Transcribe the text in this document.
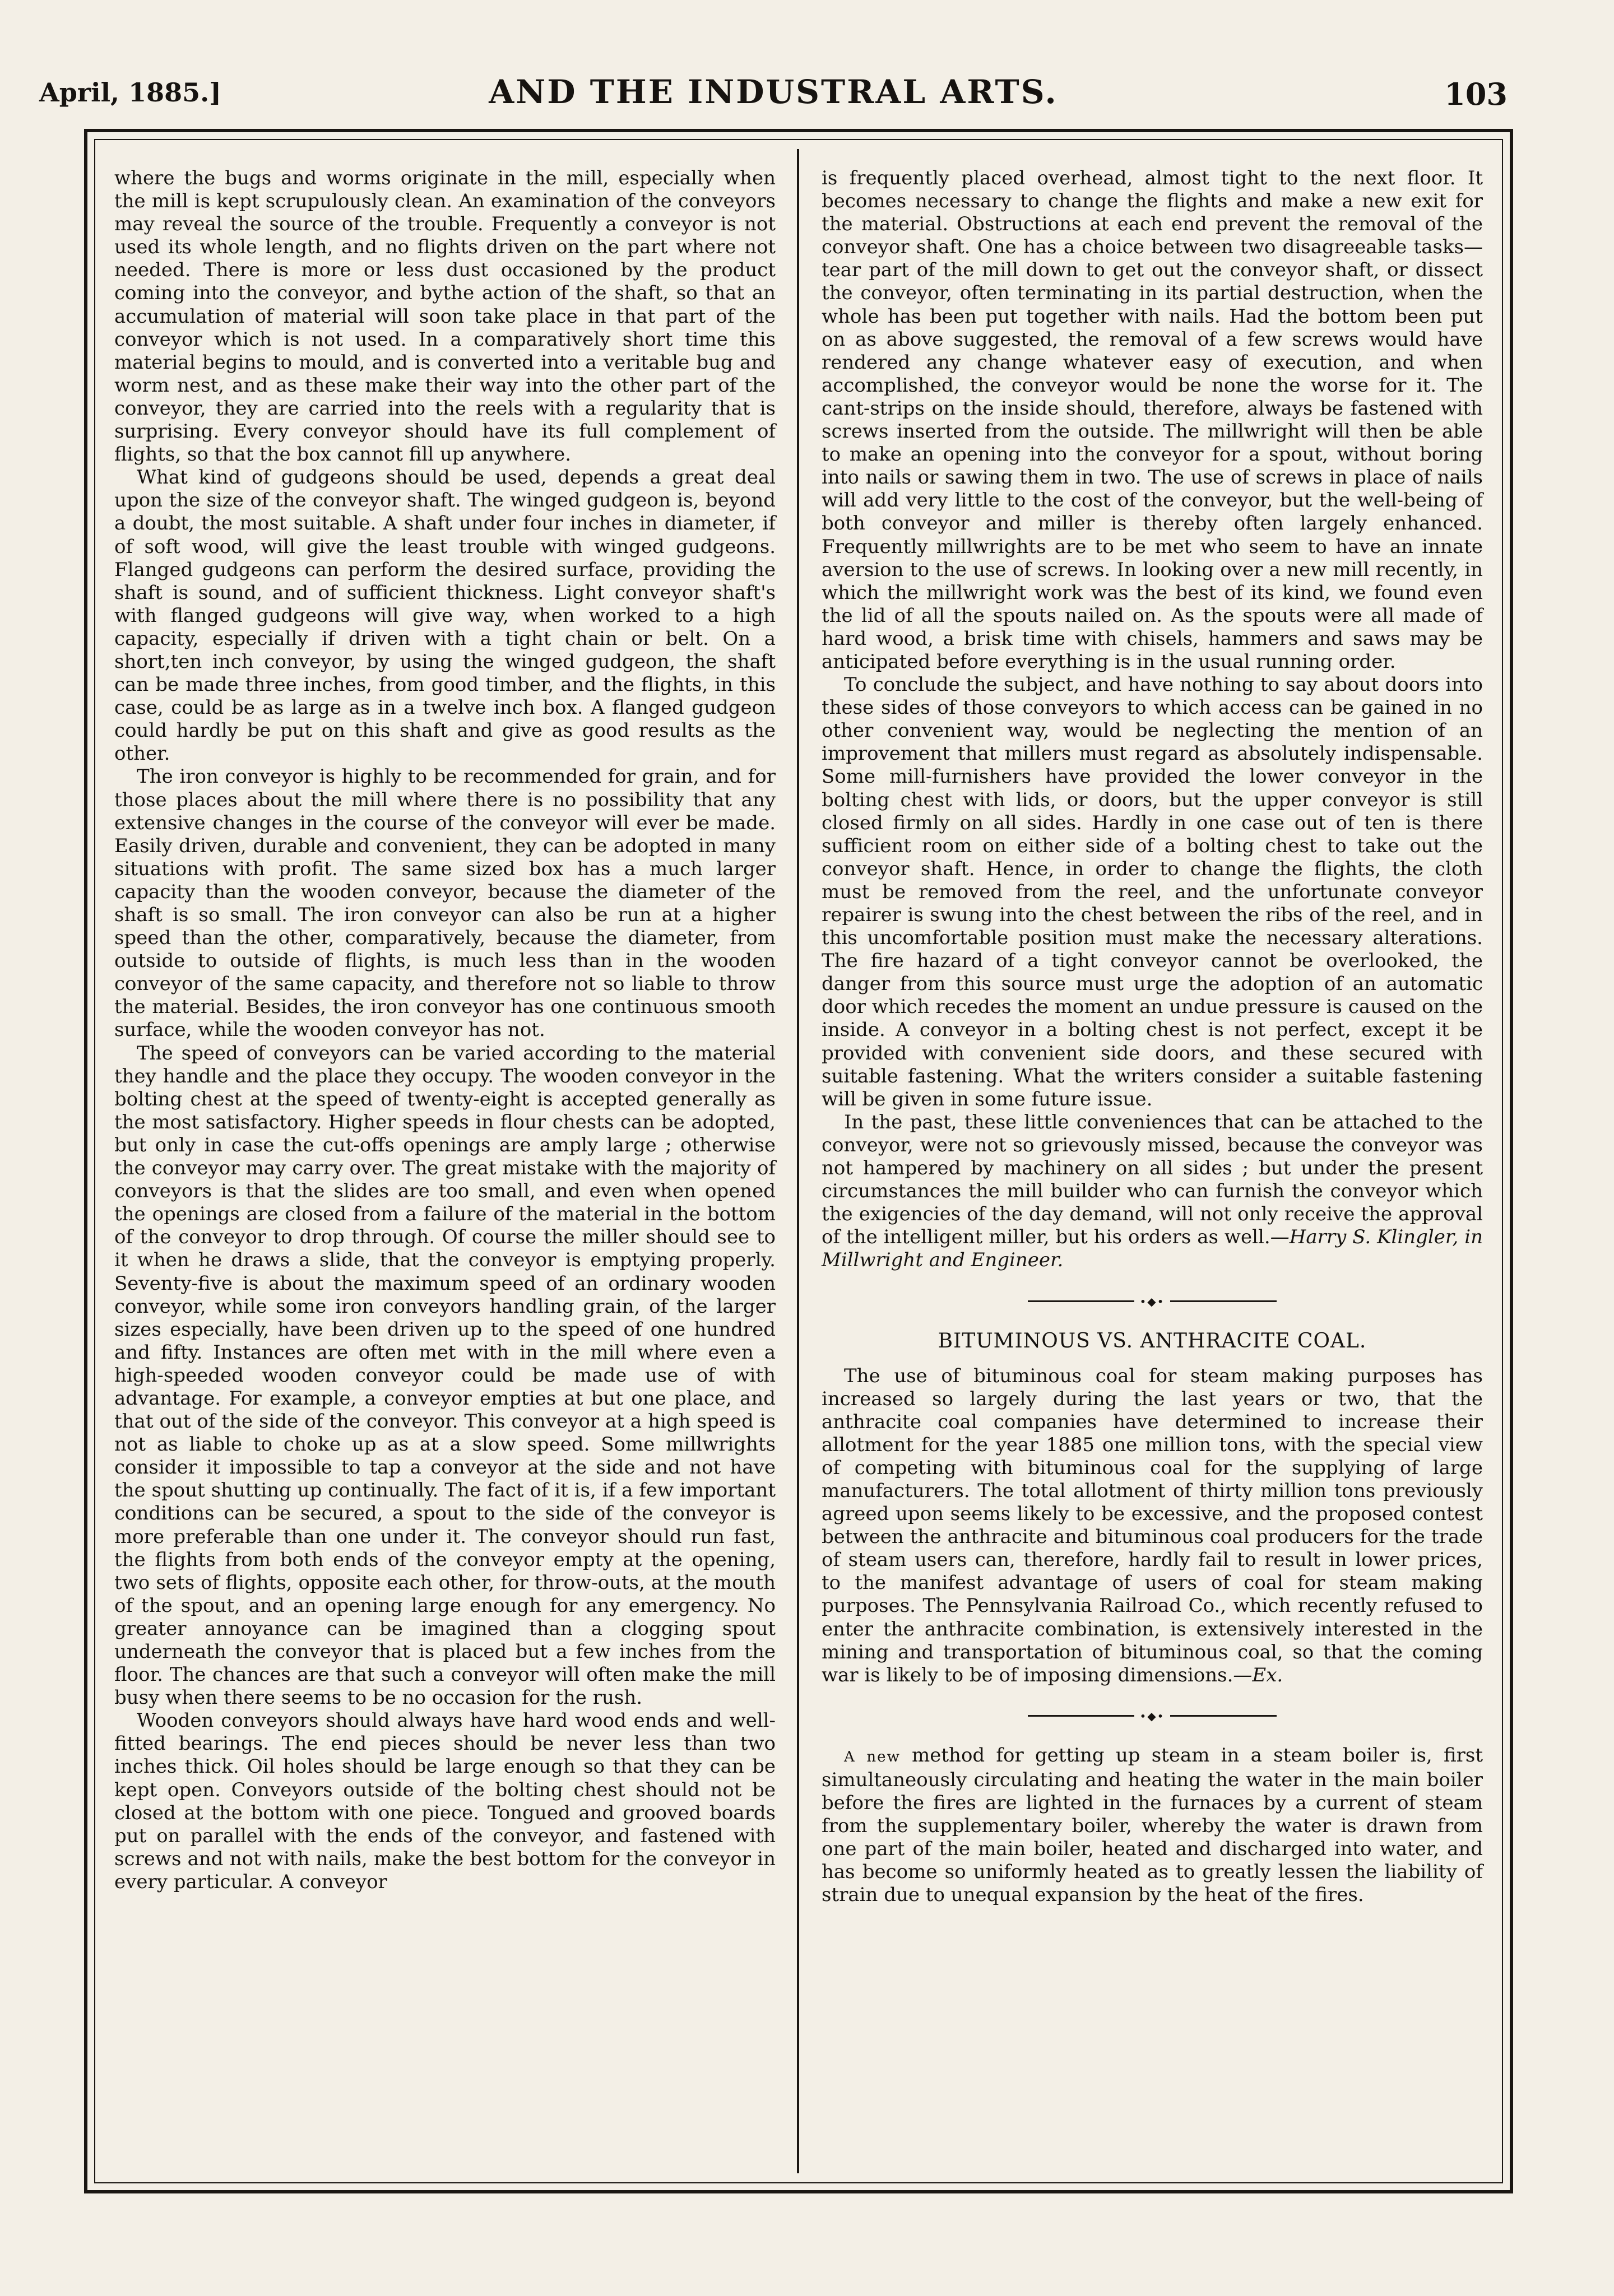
April, 1885.]	AND THE INDUSTRAL ARTS.	103

where the bugs and worms originate in the mill, especially when the mill is kept scrupulously clean. An examination of the conveyors may reveal the source of the trouble. Frequently a conveyor is not used its whole length, and no flights driven on the part where not needed. There is more or less dust occasioned by the product coming into the conveyor, and bythe action of the shaft, so that an accumulation of material will soon take place in that part of the conveyor which is not used. In a comparatively short time this material begins to mould, and is converted into a veritable bug and worm nest, and as these make their way into the other part of the conveyor, they are carried into the reels with a regularity that is surprising. Every conveyor should have its full complement of flights, so that the box cannot fill up anywhere.

What kind of gudgeons should be used, depends a great deal upon the size of the conveyor shaft. The winged gudgeon is, beyond a doubt, the most suitable. A shaft under four inches in diameter, if of soft wood, will give the least trouble with winged gudgeons. Flanged gudgeons can perform the desired surface, providing the shaft is sound, and of sufficient thickness. Light conveyor shaft's with flanged gudgeons will give way, when worked to a high capacity, especially if driven with a tight chain or belt. On a short,ten inch conveyor, by using the winged gudgeon, the shaft can be made three inches, from good timber, and the flights, in this case, could be as large as in a twelve inch box. A flanged gudgeon could hardly be put on this shaft and give as good results as the other.

The iron conveyor is highly to be recommended for grain, and for those places about the mill where there is no possibility that any extensive changes in the course of the conveyor will ever be made. Easily driven, durable and convenient, they can be adopted in many situations with profit. The same sized box has a much larger capacity than the wooden conveyor, because the diameter of the shaft is so small. The iron conveyor can also be run at a higher speed than the other, comparatively, because the diameter, from outside to outside of flights, is much less than in the wooden conveyor of the same capacity, and therefore not so liable to throw the material. Besides, the iron conveyor has one continuous smooth surface, while the wooden conveyor has not.

The speed of conveyors can be varied according to the material they handle and the place they occupy. The wooden conveyor in the bolting chest at the speed of twenty-eight is accepted generally as the most satisfactory. Higher speeds in flour chests can be adopted, but only in case the cut-offs openings are amply large ; otherwise the conveyor may carry over. The great mistake with the majority of conveyors is that the slides are too small, and even when opened the openings are closed from a failure of the material in the bottom of the conveyor to drop through. Of course the miller should see to it when he draws a slide, that the conveyor is emptying properly. Seventy-five is about the maximum speed of an ordinary wooden conveyor, while some iron conveyors handling grain, of the larger sizes especially, have been driven up to the speed of one hundred and fifty. Instances are often met with in the mill where even a high-speeded wooden conveyor could be made use of with advantage. For example, a conveyor empties at but one place, and that out of the side of the conveyor. This conveyor at a high speed is not as liable to choke up as at a slow speed. Some millwrights consider it impossible to tap a conveyor at the side and not have the spout shutting up continually. The fact of it is, if a few important conditions can be secured, a spout to the side of the conveyor is more preferable than one under it. The conveyor should run fast, the flights from both ends of the conveyor empty at the opening, two sets of flights, opposite each other, for throw-outs, at the mouth of the spout, and an opening large enough for any emergency. No greater annoyance can be imagined than a clogging spout underneath the conveyor that is placed but a few inches from the floor. The chances are that such a conveyor will often make the mill busy when there seems to be no occasion for the rush.

Wooden conveyors should always have hard wood ends and well-fitted bearings. The end pieces should be never less than two inches thick. Oil holes should be large enough so that they can be kept open. Conveyors outside of the bolting chest should not be closed at the bottom with one piece. Tongued and grooved boards put on parallel with the ends of the conveyor, and fastened with screws and not with nails, make the best bottom for the conveyor in every particular. A conveyor

is frequently placed overhead, almost tight to the next floor. It becomes necessary to change the flights and make a new exit for the material. Obstructions at each end prevent the removal of the conveyor shaft. One has a choice between two disagreeable tasks—tear part of the mill down to get out the conveyor shaft, or dissect the conveyor, often terminating in its partial destruction, when the whole has been put together with nails. Had the bottom been put on as above suggested, the removal of a few screws would have rendered any change whatever easy of execution, and when accomplished, the conveyor would be none the worse for it. The cant-strips on the inside should, therefore, always be fastened with screws inserted from the outside. The millwright will then be able to make an opening into the conveyor for a spout, without boring into nails or sawing them in two. The use of screws in place of nails will add very little to the cost of the conveyor, but the well-being of both conveyor and miller is thereby often largely enhanced. Frequently millwrights are to be met who seem to have an innate aversion to the use of screws. In looking over a new mill recently, in which the millwright work was the best of its kind, we found even the lid of all the spouts nailed on. As the spouts were all made of hard wood, a brisk time with chisels, hammers and saws may be anticipated before everything is in the usual running order.

To conclude the subject, and have nothing to say about doors into these sides of those conveyors to which access can be gained in no other convenient way, would be neglecting the mention of an improvement that millers must regard as absolutely indispensable. Some mill-furnishers have provided the lower conveyor in the bolting chest with lids, or doors, but the upper conveyor is still closed firmly on all sides. Hardly in one case out of ten is there sufficient room on either side of a bolting chest to take out the conveyor shaft. Hence, in order to change the flights, the cloth must be removed from the reel, and the unfortunate conveyor repairer is swung into the chest between the ribs of the reel, and in this uncomfortable position must make the necessary alterations. The fire hazard of a tight conveyor cannot be overlooked, the danger from this source must urge the adoption of an automatic door which recedes the moment an undue pressure is caused on the inside. A conveyor in a bolting chest is not perfect, except it be provided with convenient side doors, and these secured with suitable fastening. What the writers consider a suitable fastening will be given in some future issue.

In the past, these little conveniences that can be attached to the conveyor, were not so grievously missed, because the conveyor was not hampered by machinery on all sides ; but under the present circumstances the mill builder who can furnish the conveyor which the exigencies of the day demand, will not only receive the approval of the intelligent miller, but his orders as well.—Harry S. Klingler, in Millwright and Engineer.

•◆•
BITUMINOUS VS. ANTHRACITE COAL.

The use of bituminous coal for steam making purposes has increased so largely during the last years or two, that the anthracite coal companies have determined to increase their allotment for the year 1885 one million tons, with the special view of competing with bituminous coal for the supplying of large manufacturers. The total allotment of thirty million tons previously agreed upon seems likely to be excessive, and the proposed contest between the anthracite and bituminous coal producers for the trade of steam users can, therefore, hardly fail to result in lower prices, to the manifest advantage of users of coal for steam making purposes. The Pennsylvania Railroad Co., which recently refused to enter the anthracite combination, is extensively interested in the mining and transportation of bituminous coal, so that the coming war is likely to be of imposing dimensions.—Ex.

•◆•

A new method for getting up steam in a steam boiler is, first simultaneously circulating and heating the water in the main boiler before the fires are lighted in the furnaces by a current of steam from the supplementary boiler, whereby the water is drawn from one part of the main boiler, heated and discharged into water, and has become so uniformly heated as to greatly lessen the liability of strain due to unequal expansion by the heat of the fires.
